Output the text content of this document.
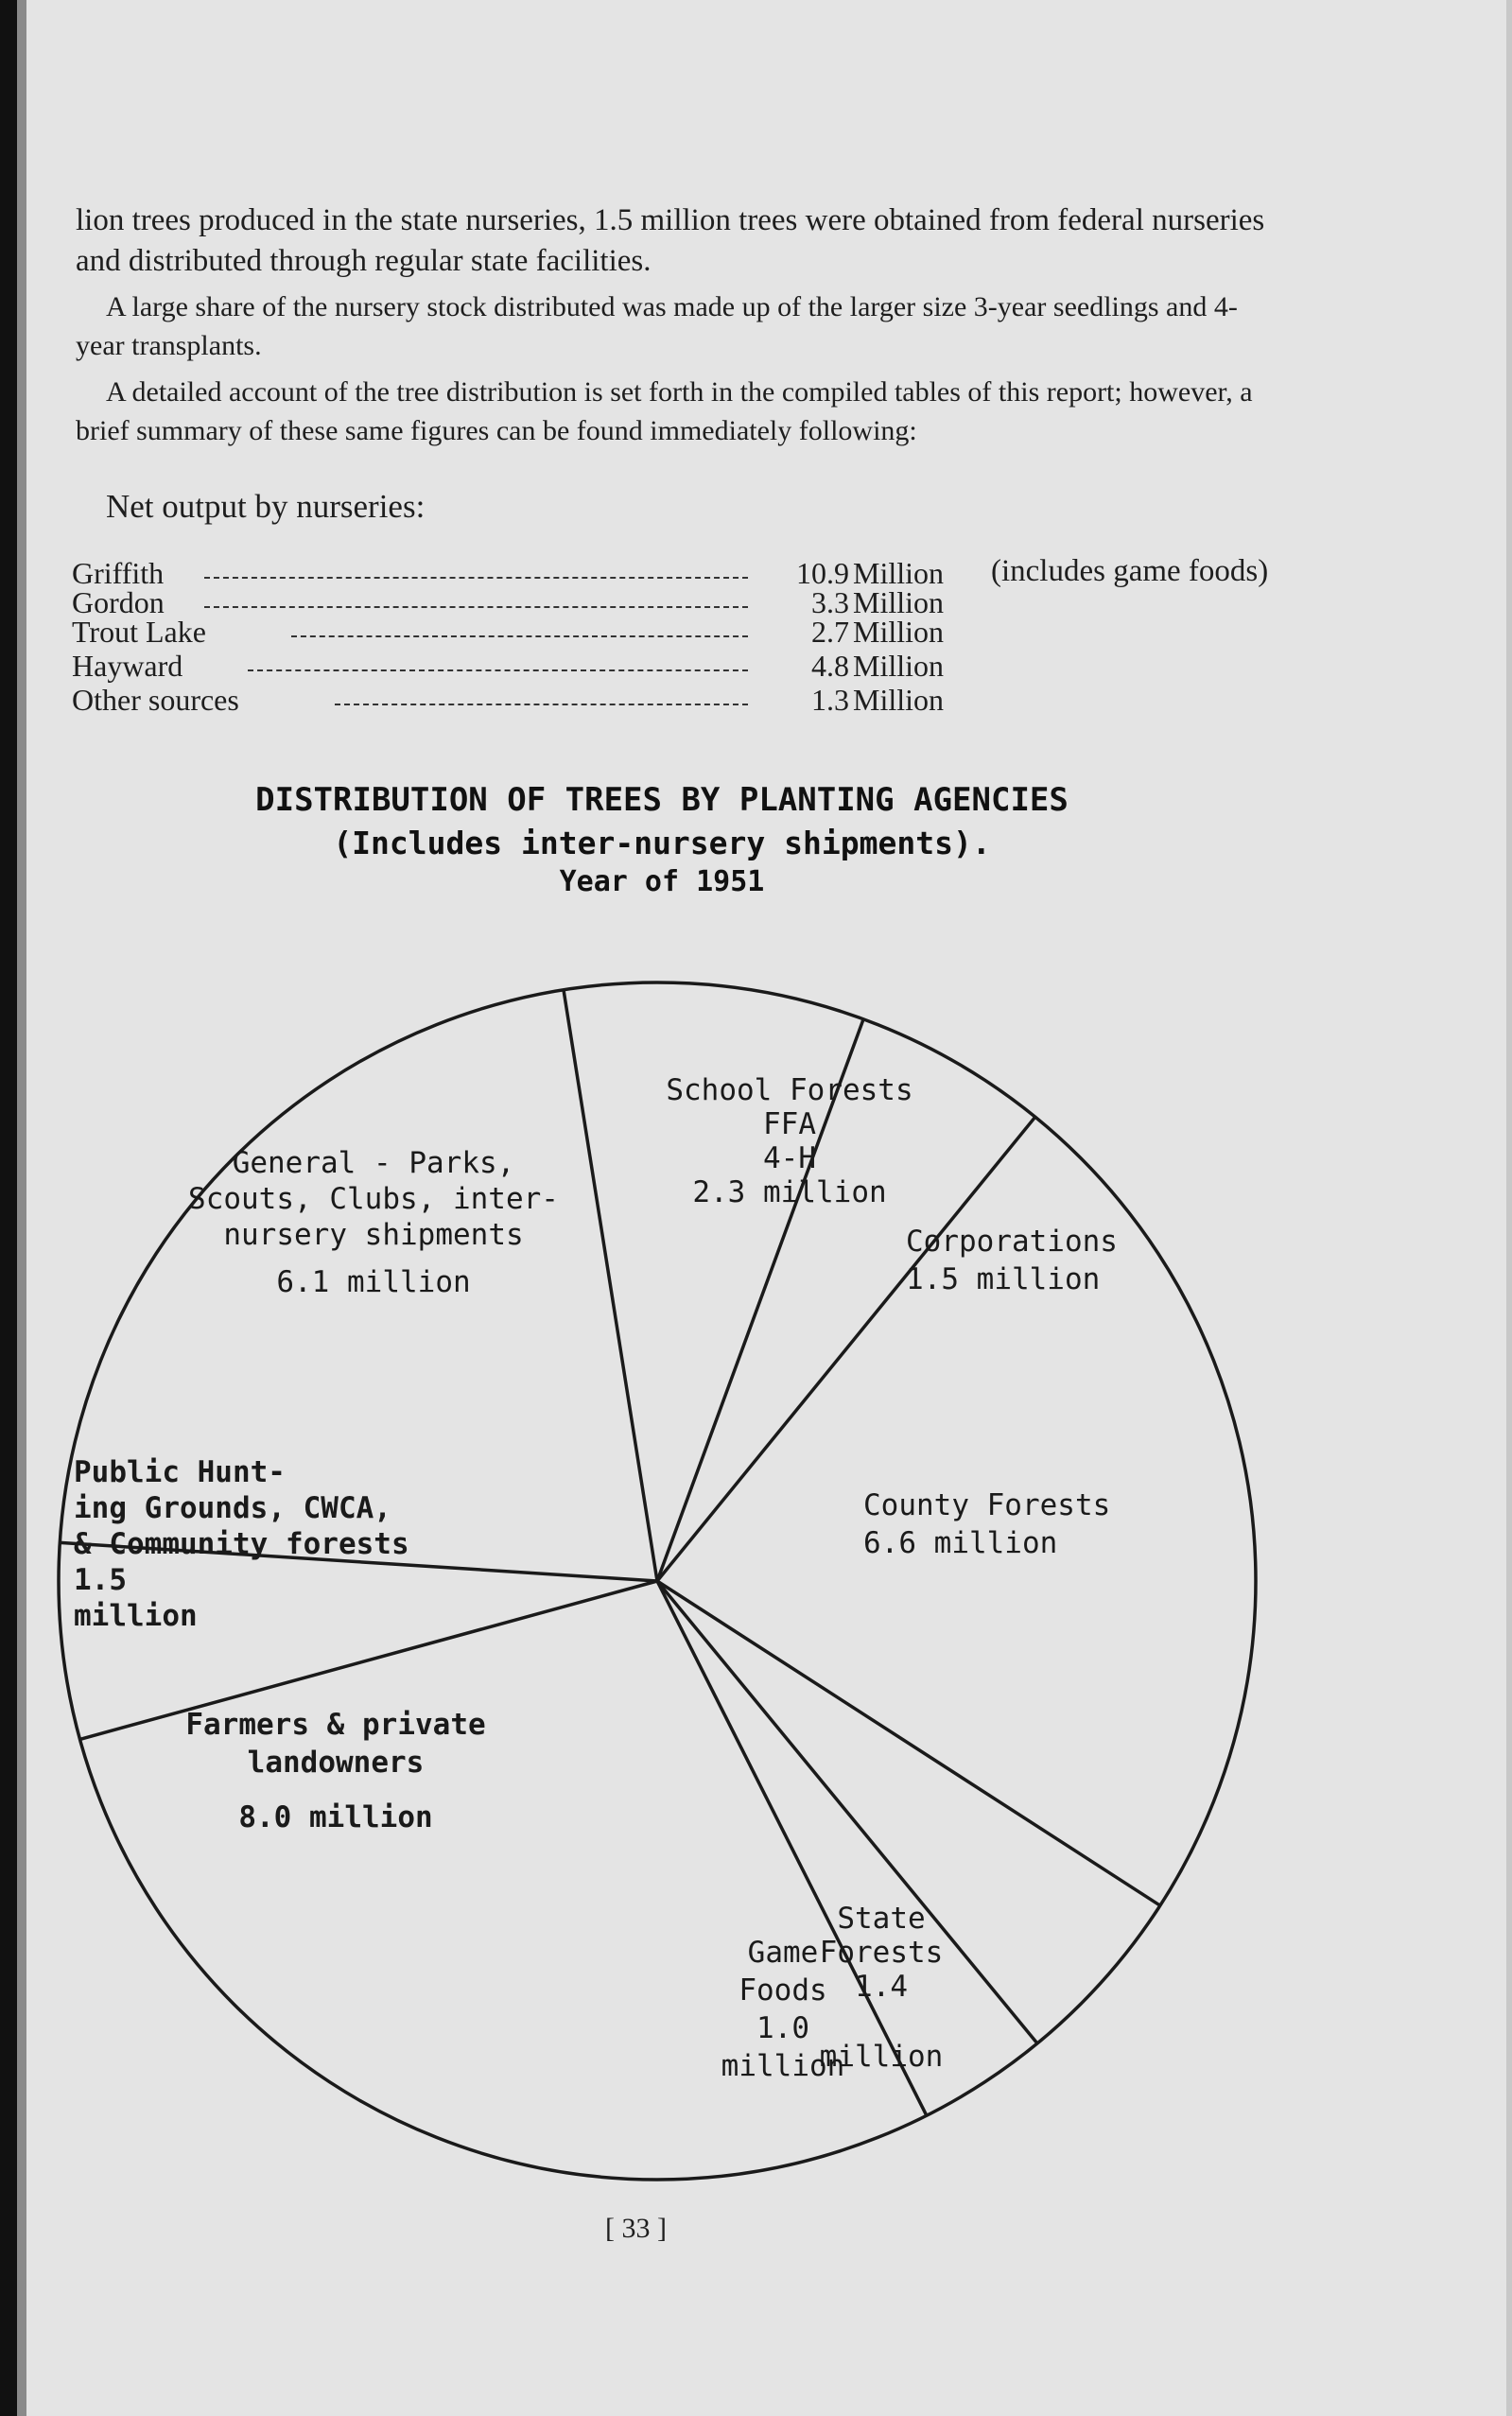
lion trees produced in the state nurseries, 1.5 million trees were obtained from federal nurseries and distributed through regular state facilities.

A large share of the nursery stock distributed was made up of the larger size 3-year seedlings and 4-year transplants.

A detailed account of the tree distribution is set forth in the compiled tables of this report; however, a brief summary of these same figures can be found immediately following:

Net output by nurseries:

Griffith	10.9 Million (includes game foods)
Gordon	3.3 Million
Trout Lake	2.7 Million
Hayward	4.8 Million
Other sources	1.3 Million
DISTRIBUTION OF TREES BY PLANTING AGENCIES
(Includes inter-nursery shipments).
Year of 1951
School Forests
FFA
4-H
2.3 million
Corporations
1.5 million
County Forests
6.6 million
State
Forests
1.4
million
Game
Foods
1.0
million
Farmers & private
landowners
8.0 million
Public Hunt-
ing Grounds, CWCA,
& Community forests
1.5
million
General - Parks,
Scouts, Clubs, inter-
nursery shipments
6.1 million
[ 33 ]
